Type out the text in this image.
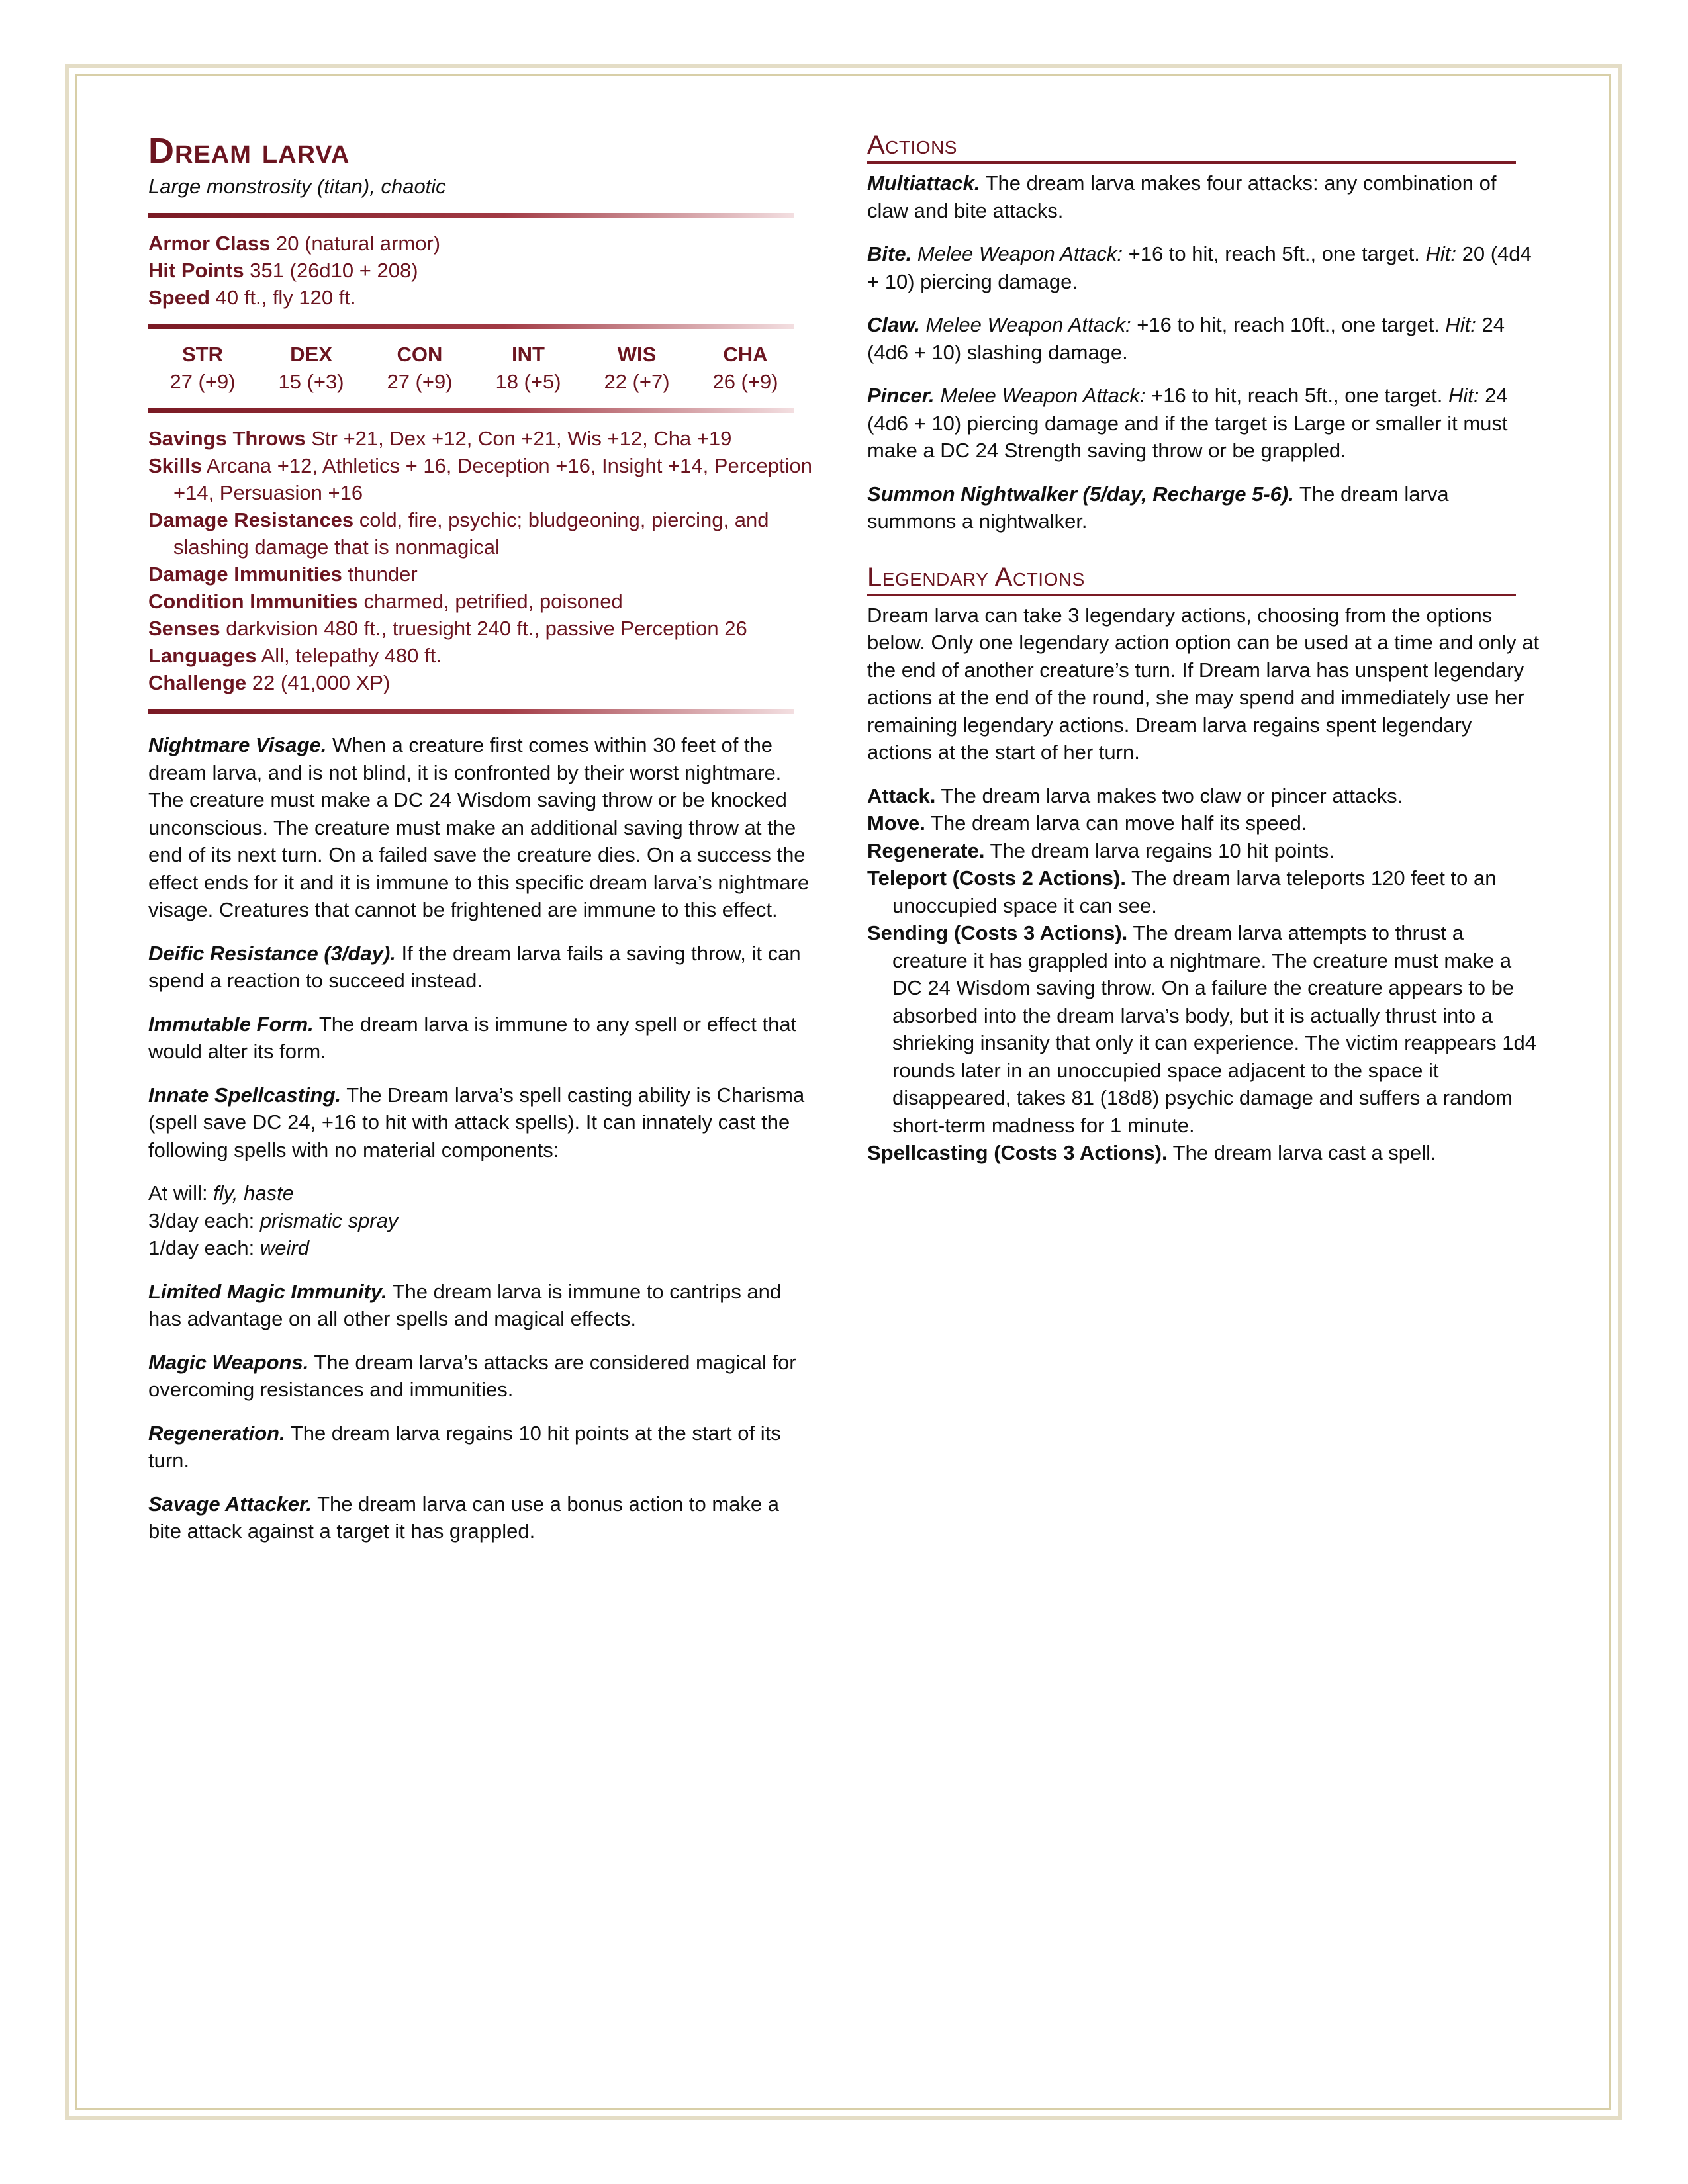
Dream larva
Large monstrosity (titan), chaotic
Armor Class 20 (natural armor)
Hit Points 351 (26d10 + 208)
Speed 40 ft., fly 120 ft.
STR
27 (+9)
DEX
15 (+3)
CON
27 (+9)
INT
18 (+5)
WIS
22 (+7)
CHA
26 (+9)
Savings Throws Str +21, Dex +12, Con +21, Wis +12, Cha +19
Skills Arcana +12, Athletics + 16, Deception +16, Insight +14, Perception +14, Persuasion +16
Damage Resistances cold, fire, psychic; bludgeoning, piercing, and slashing damage that is nonmagical
Damage Immunities thunder
Condition Immunities charmed, petrified, poisoned
Senses darkvision 480 ft., truesight 240 ft., passive Perception 26
Languages All, telepathy 480 ft.
Challenge 22 (41,000 XP)

Nightmare Visage. When a creature first comes within 30 feet of the dream larva, and is not blind, it is confronted by their worst nightmare. The creature must make a DC 24 Wisdom saving throw or be knocked unconscious. The creature must make an additional saving throw at the end of its next turn. On a failed save the creature dies. On a success the effect ends for it and it is immune to this specific dream larva’s nightmare visage. Creatures that cannot be frightened are immune to this effect.

Deific Resistance (3/day). If the dream larva fails a saving throw, it can spend a reaction to succeed instead.

Immutable Form. The dream larva is immune to any spell or effect that would alter its form.

Innate Spellcasting. The Dream larva’s spell casting ability is Charisma (spell save DC 24, +16 to hit with attack spells). It can innately cast the following spells with no material components:

At will: fly, haste
3/day each: prismatic spray
1/day each: weird

Limited Magic Immunity. The dream larva is immune to cantrips and has advantage on all other spells and magical effects.

Magic Weapons. The dream larva’s attacks are considered magical for overcoming resistances and immunities.

Regeneration. The dream larva regains 10 hit points at the start of its turn.

Savage Attacker. The dream larva can use a bonus action to make a bite attack against a target it has grappled.

Actions

Multiattack. The dream larva makes four attacks: any combination of claw and bite attacks.

Bite. Melee Weapon Attack: +16 to hit, reach 5ft., one target. Hit: 20 (4d4 + 10) piercing damage.

Claw. Melee Weapon Attack: +16 to hit, reach 10ft., one target. Hit: 24 (4d6 + 10) slashing damage.

Pincer. Melee Weapon Attack: +16 to hit, reach 5ft., one target. Hit: 24 (4d6 + 10) piercing damage and if the target is Large or smaller it must make a DC 24 Strength saving throw or be grappled.

Summon Nightwalker (5/day, Recharge 5-6). The dream larva summons a nightwalker.

Legendary Actions

Dream larva can take 3 legendary actions, choosing from the options below. Only one legendary action option can be used at a time and only at the end of another creature’s turn. If Dream larva has unspent legendary actions at the end of the round, she may spend and immediately use her remaining legendary actions. Dream larva regains spent legendary actions at the start of her turn.

Attack. The dream larva makes two claw or pincer attacks.
Move. The dream larva can move half its speed.
Regenerate. The dream larva regains 10 hit points.
Teleport (Costs 2 Actions). The dream larva teleports 120 feet to an unoccupied space it can see.
Sending (Costs 3 Actions). The dream larva attempts to thrust a creature it has grappled into a nightmare. The creature must make a DC 24 Wisdom saving throw. On a failure the creature appears to be absorbed into the dream larva’s body, but it is actually thrust into a shrieking insanity that only it can experience. The victim reappears 1d4 rounds later in an unoccupied space adjacent to the space it disappeared, takes 81 (18d8) psychic damage and suffers a random short-term madness for 1 minute.
Spellcasting (Costs 3 Actions). The dream larva cast a spell.
